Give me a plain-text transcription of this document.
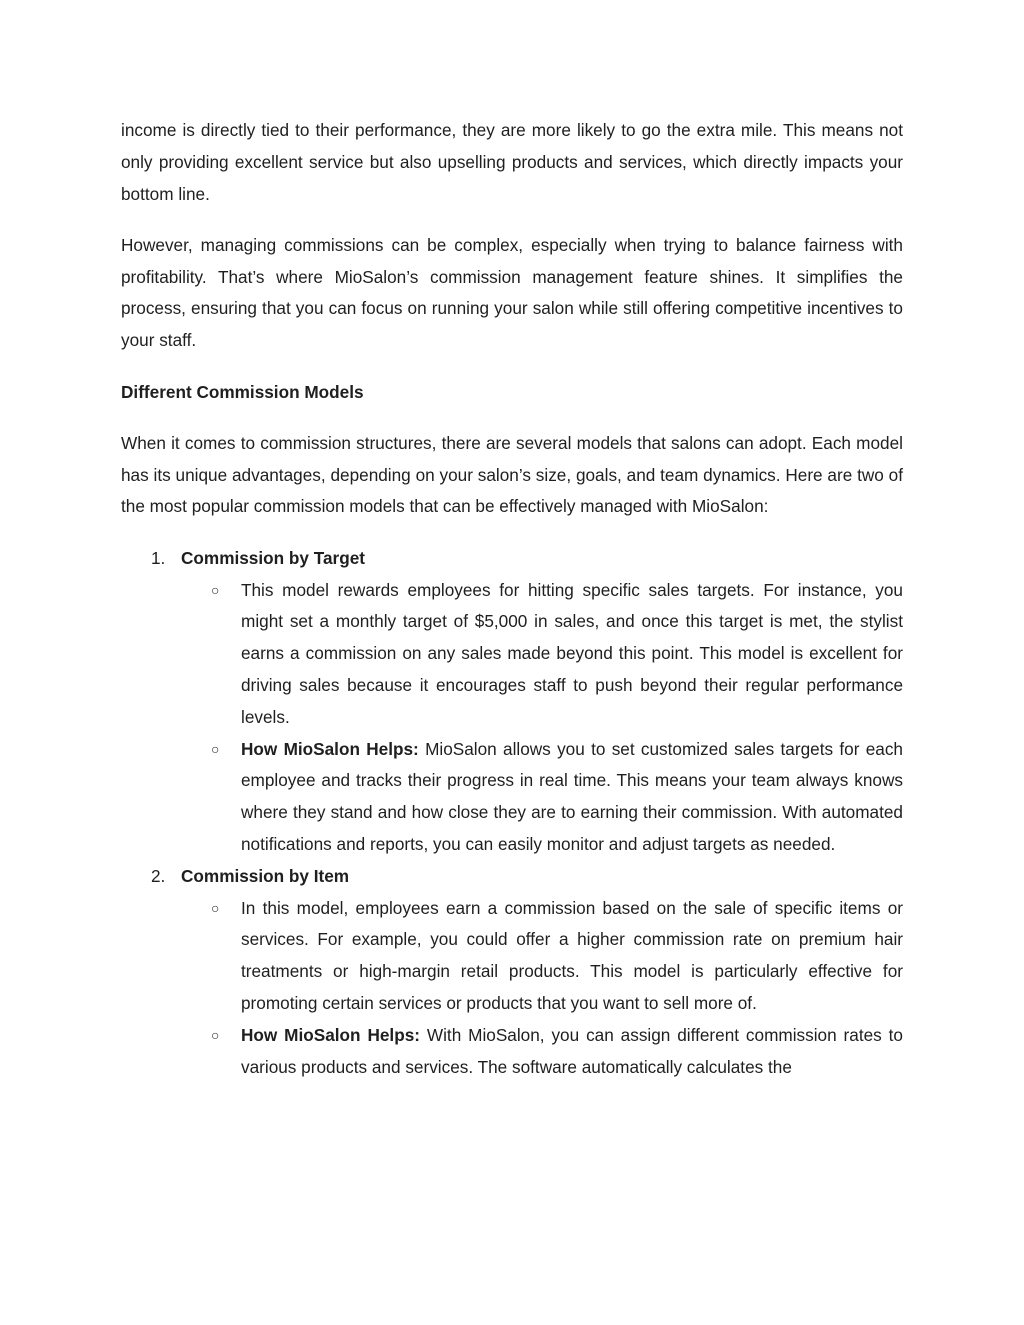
income is directly tied to their performance, they are more likely to go the extra mile. This means not only providing excellent service but also upselling products and services, which directly impacts your bottom line.

However, managing commissions can be complex, especially when trying to balance fairness with profitability. That’s where MioSalon’s commission management feature shines. It simplifies the process, ensuring that you can focus on running your salon while still offering competitive incentives to your staff.

Different Commission Models

When it comes to commission structures, there are several models that salons can adopt. Each model has its unique advantages, depending on your salon’s size, goals, and team dynamics. Here are two of the most popular commission models that can be effectively managed with MioSalon:

1. Commission by Target
○ This model rewards employees for hitting specific sales targets. For instance, you might set a monthly target of $5,000 in sales, and once this target is met, the stylist earns a commission on any sales made beyond this point. This model is excellent for driving sales because it encourages staff to push beyond their regular performance levels.
○ How MioSalon Helps: MioSalon allows you to set customized sales targets for each employee and tracks their progress in real time. This means your team always knows where they stand and how close they are to earning their commission. With automated notifications and reports, you can easily monitor and adjust targets as needed.
2. Commission by Item
○ In this model, employees earn a commission based on the sale of specific items or services. For example, you could offer a higher commission rate on premium hair treatments or high-margin retail products. This model is particularly effective for promoting certain services or products that you want to sell more of.
○ How MioSalon Helps: With MioSalon, you can assign different commission rates to various products and services. The software automatically calculates the
